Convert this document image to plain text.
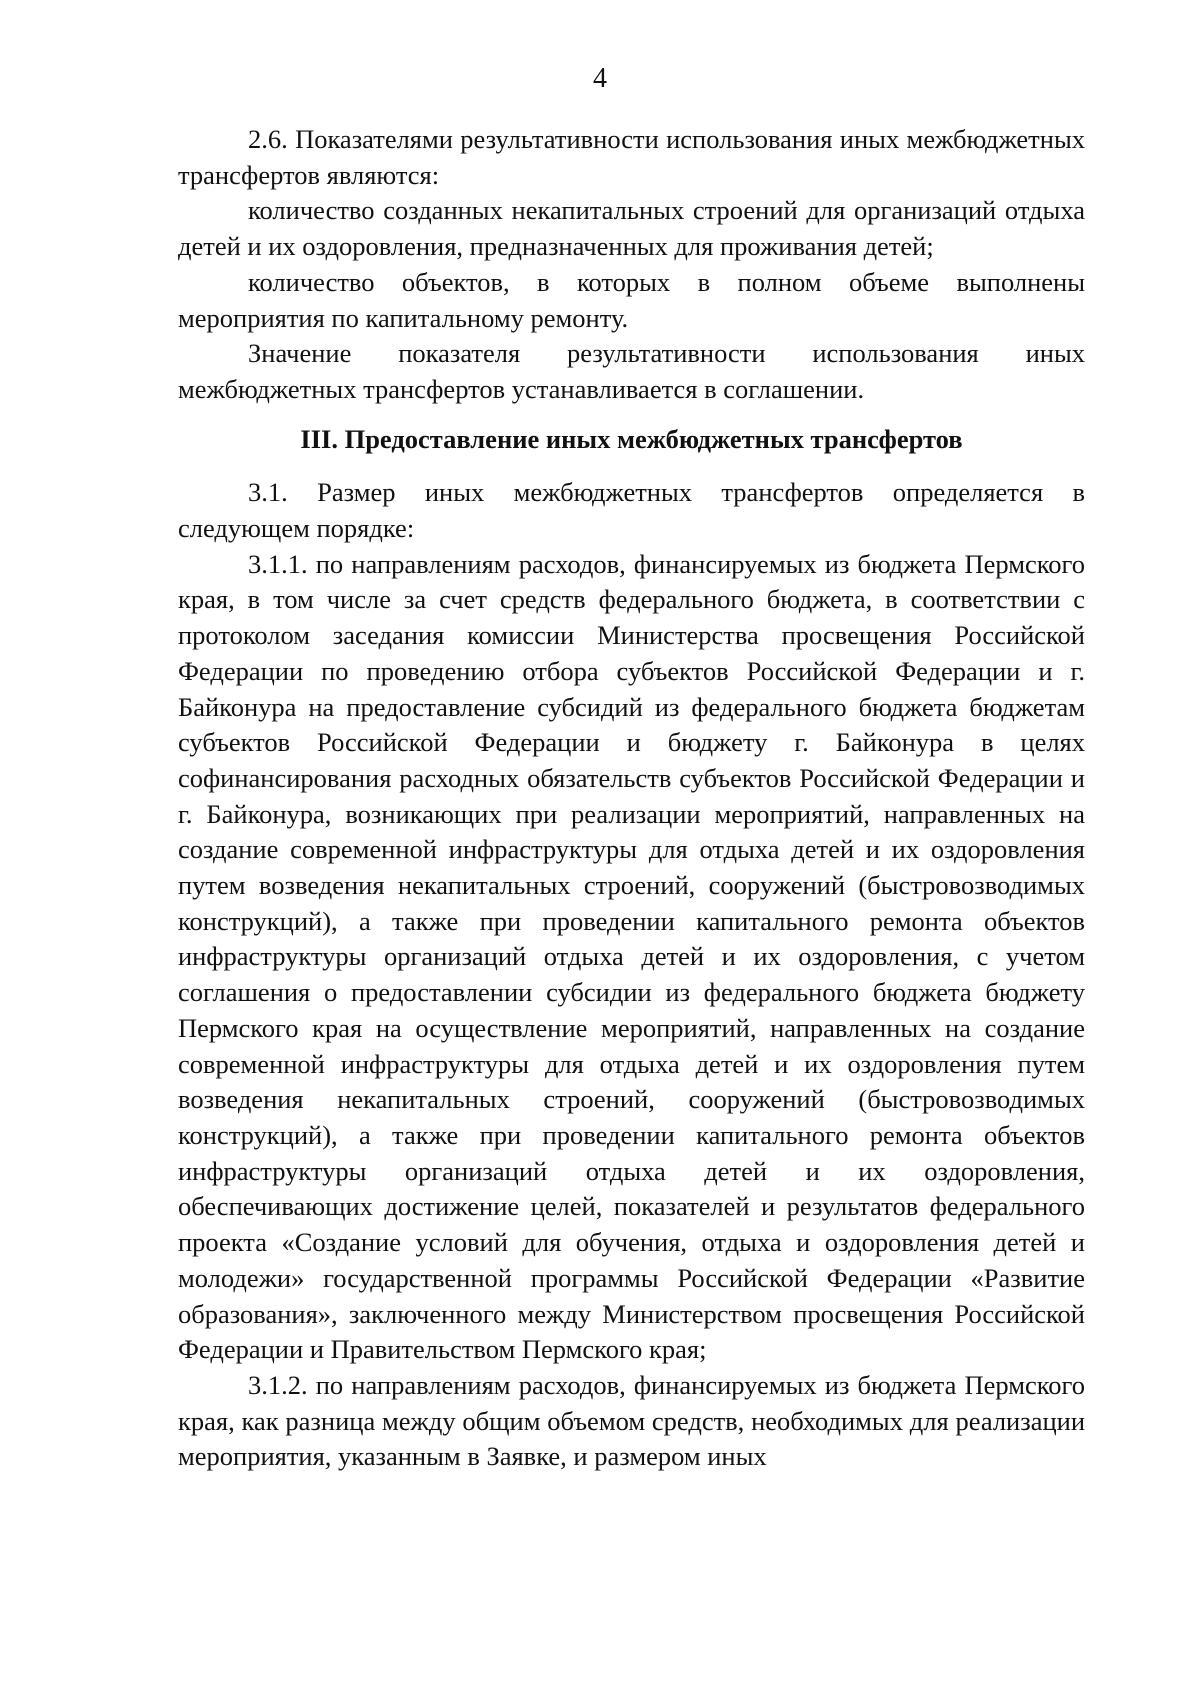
4

2.6. Показателями результативности использования иных межбюджетных трансфертов являются:

количество созданных некапитальных строений для организаций отдыха детей и их оздоровления, предназначенных для проживания детей;

количество объектов, в которых в полном объеме выполнены мероприятия по капитальному ремонту.

Значение показателя результативности использования иных межбюджетных трансфертов устанавливается в соглашении.

III. Предоставление иных межбюджетных трансфертов

3.1. Размер иных межбюджетных трансфертов определяется в следующем порядке:

3.1.1. по направлениям расходов, финансируемых из бюджета Пермского края, в том числе за счет средств федерального бюджета, в соответствии с протоколом заседания комиссии Министерства просвещения Российской Федерации по проведению отбора субъектов Российской Федерации и г. Байконура на предоставление субсидий из федерального бюджета бюджетам субъектов Российской Федерации и бюджету г. Байконура в целях софинансирования расходных обязательств субъектов Российской Федерации и г. Байконура, возникающих при реализации мероприятий, направленных на создание современной инфраструктуры для отдыха детей и их оздоровления путем возведения некапитальных строений, сооружений (быстровозводимых конструкций), а также при проведении капитального ремонта объектов инфраструктуры организаций отдыха детей и их оздоровления, с учетом соглашения о предоставлении субсидии из федерального бюджета бюджету Пермского края на осуществление мероприятий, направленных на создание современной инфраструктуры для отдыха детей и их оздоровления путем возведения некапитальных строений, сооружений (быстровозводимых конструкций), а также при проведении капитального ремонта объектов инфраструктуры организаций отдыха детей и их оздоровления, обеспечивающих достижение целей, показателей и результатов федерального проекта «Создание условий для обучения, отдыха и оздоровления детей и молодежи» государственной программы Российской Федерации «Развитие образования», заключенного между Министерством просвещения Российской Федерации и Правительством Пермского края;

3.1.2. по направлениям расходов, финансируемых из бюджета Пермского края, как разница между общим объемом средств, необходимых для реализации мероприятия, указанным в Заявке, и размером иных
